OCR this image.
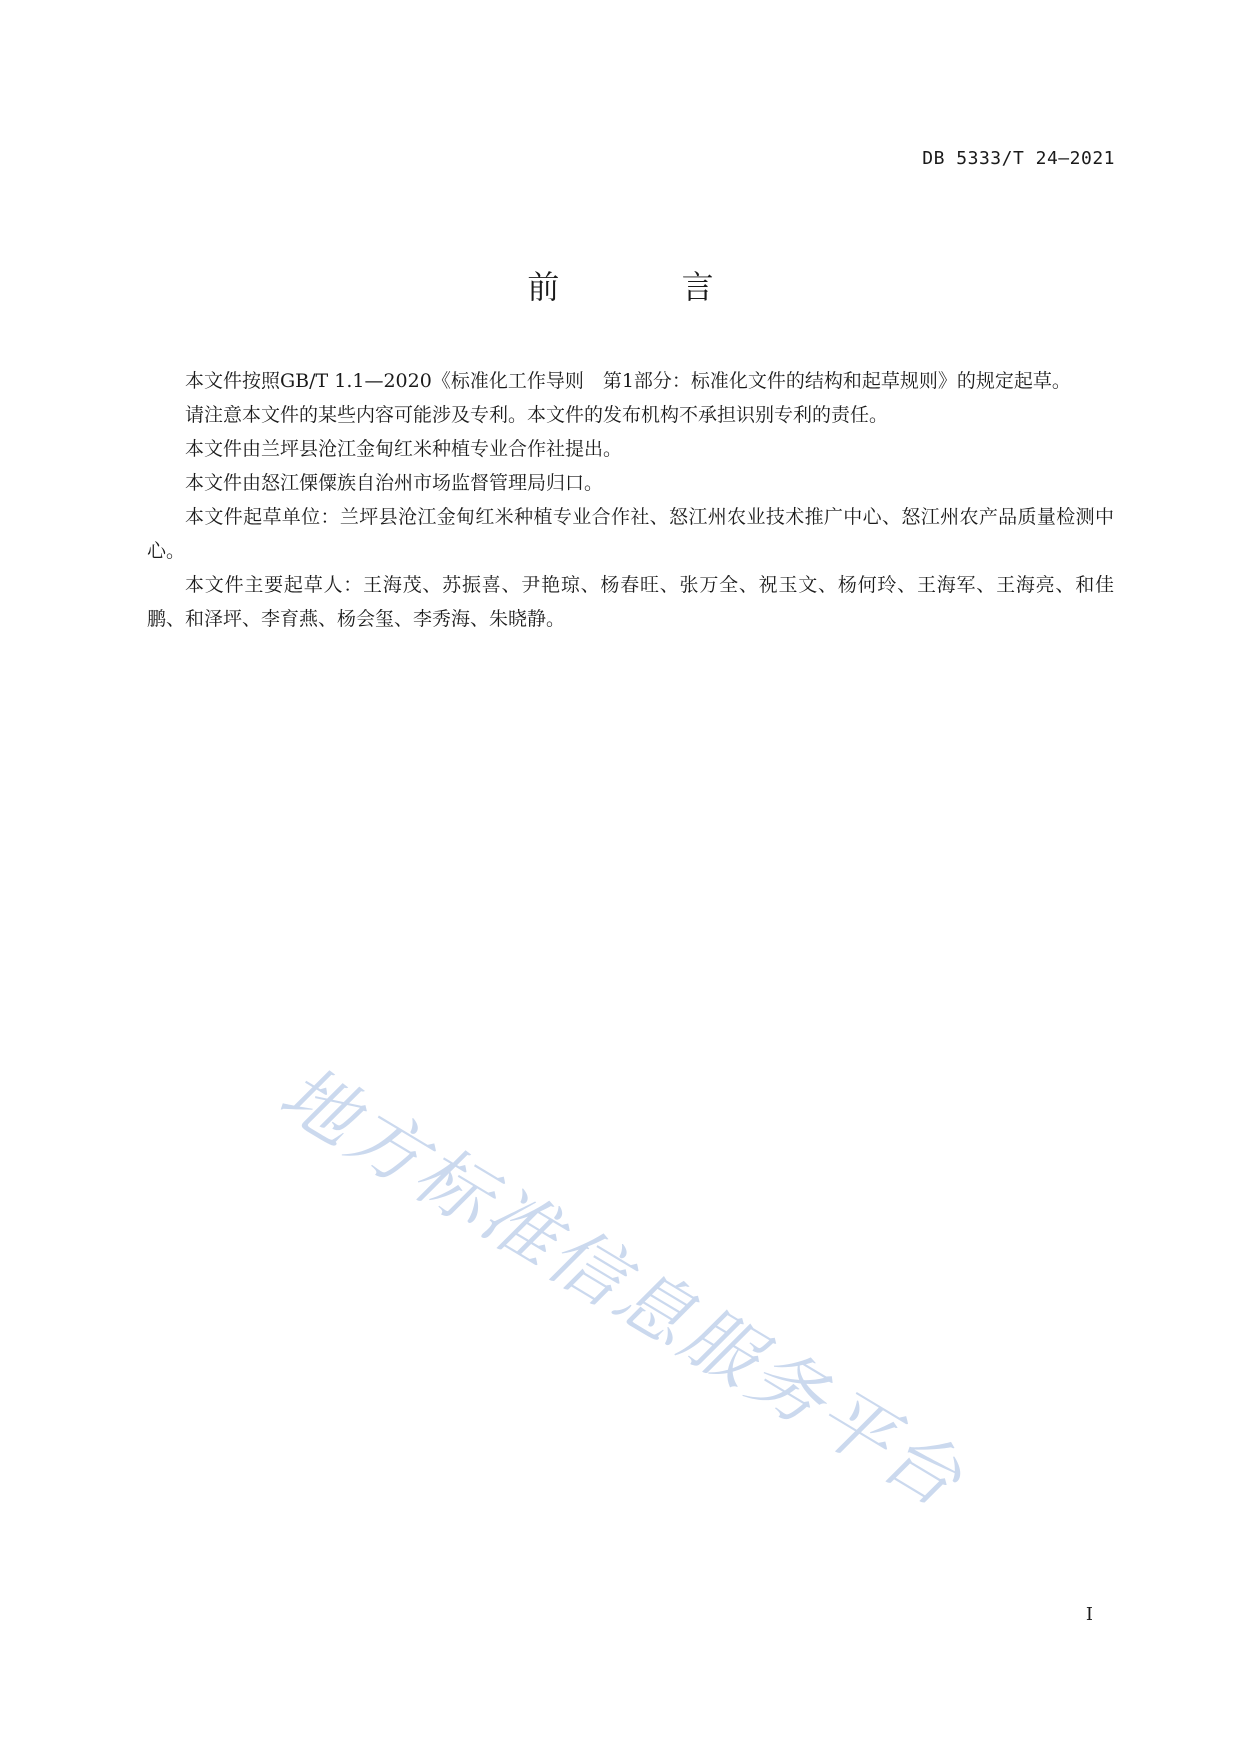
DB 5333/T 24—2021
前 言

本文件按照GB/T 1.1—2020《标准化工作导则　第1部分：标准化文件的结构和起草规则》的规定起草。

请注意本文件的某些内容可能涉及专利。本文件的发布机构不承担识别专利的责任。

本文件由兰坪县沧江金甸红米种植专业合作社提出。

本文件由怒江傈僳族自治州市场监督管理局归口。

本文件起草单位：兰坪县沧江金甸红米种植专业合作社、怒江州农业技术推广中心、怒江州农产品质量检测中心。

本文件主要起草人：王海茂、苏振喜、尹艳琼、杨春旺、张万全、祝玉文、杨何玲、王海军、王海亮、和佳鹏、和泽坪、李育燕、杨会玺、李秀海、朱晓静。

地方标准信息服务平台
I
